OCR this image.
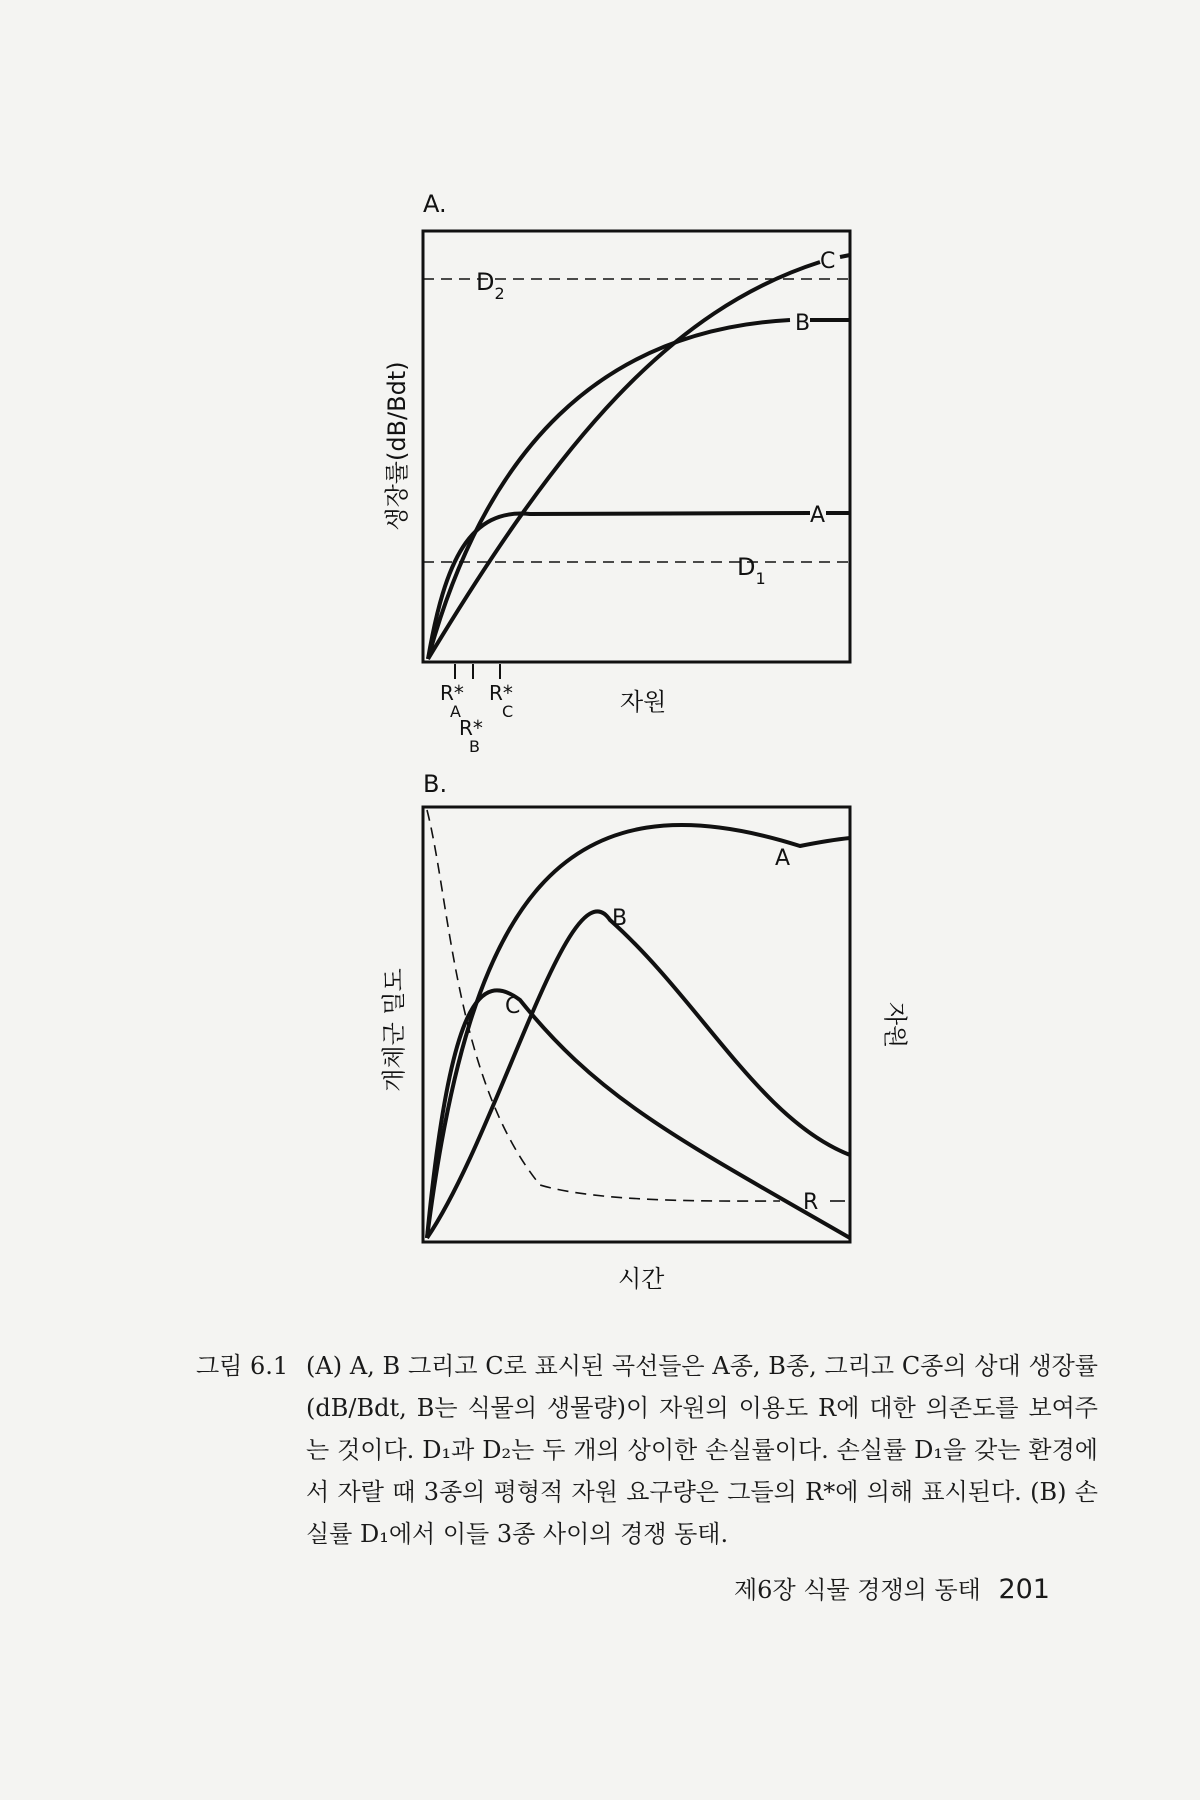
A.
$D_2$
$D_1$
A
B
C
R*
A
R*
B
R*
C	자원
생장률(dB/Bdt)
B.
A
B
C
R
시간
개체군 밀도	자원
그림 6.1 (A) A, B 그리고 C로 표시된 곡선들은 A종, B종, 그리고 C종의 상대 생장률(dB/Bdt, B는 식물의 생물량)이 자원의 이용도 R에 대한 의존도를 보여주는 것이다. D₁과 D₂는 두 개의 상이한 손실률이다. 손실률 D₁을 갖는 환경에서 자랄 때 3종의 평형적 자원 요구량은 그들의 R*에 의해 표시된다. (B) 손실률 D₁에서 이들 3종 사이의 경쟁 동태.
제6장 식물 경쟁의 동태 201
